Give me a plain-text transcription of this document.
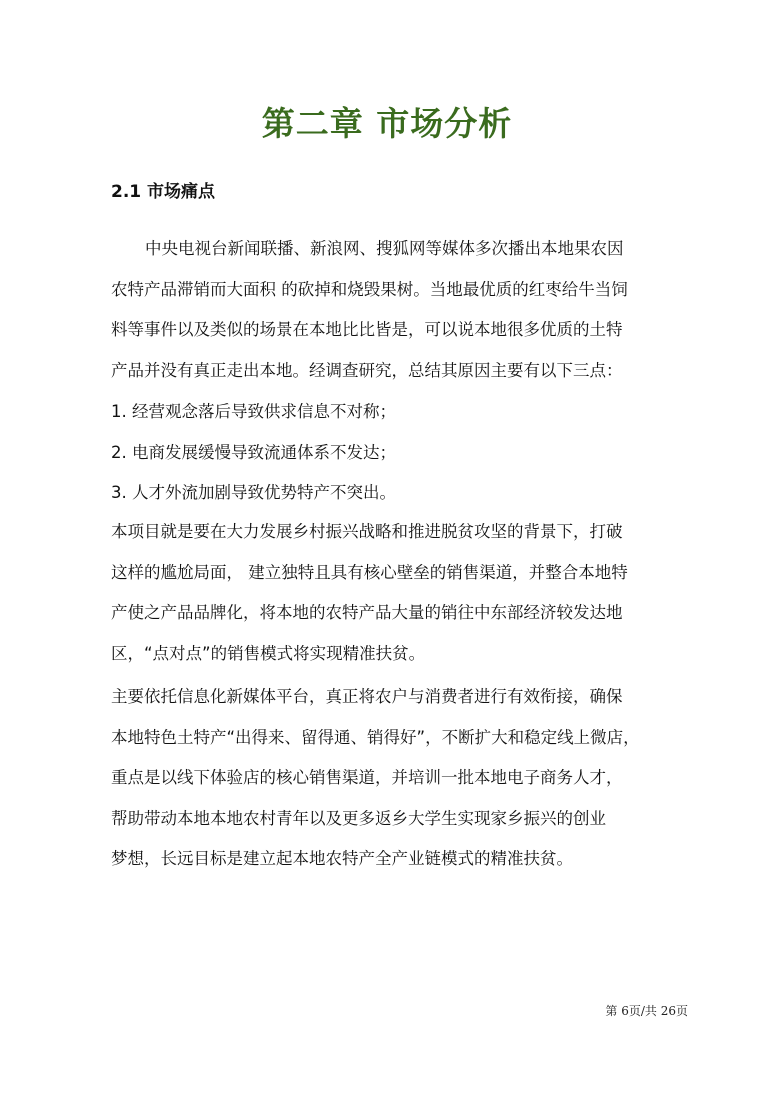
第二章 市场分析
2.1 市场痛点
中央电视台新闻联播、新浪网、搜狐网等媒体多次播出本地果农因
农特产品滞销而大面积 的砍掉和烧毁果树。当地最优质的红枣给牛当饲
料等事件以及类似的场景在本地比比皆是，可以说本地很多优质的土特
产品并没有真正走出本地。经调查研究，总结其原因主要有以下三点：
1. 经营观念落后导致供求信息不对称；
2. 电商发展缓慢导致流通体系不发达；
3. 人才外流加剧导致优势特产不突出。
本项目就是要在大力发展乡村振兴战略和推进脱贫攻坚的背景下，打破
这样的尴尬局面， 建立独特且具有核心壁垒的销售渠道，并整合本地特
产使之产品品牌化，将本地的农特产品大量的销往中东部经济较发达地
区，“点对点”的销售模式将实现精准扶贫。
主要依托信息化新媒体平台，真正将农户与消费者进行有效衔接，确保
本地特色土特产“出得来、留得通、销得好”，不断扩大和稳定线上微店，
重点是以线下体验店的核心销售渠道，并培训一批本地电子商务人才，
帮助带动本地本地农村青年以及更多返乡大学生实现家乡振兴的创业
梦想，长远目标是建立起本地农特产全产业链模式的精准扶贫。
第 6页/共 26页
